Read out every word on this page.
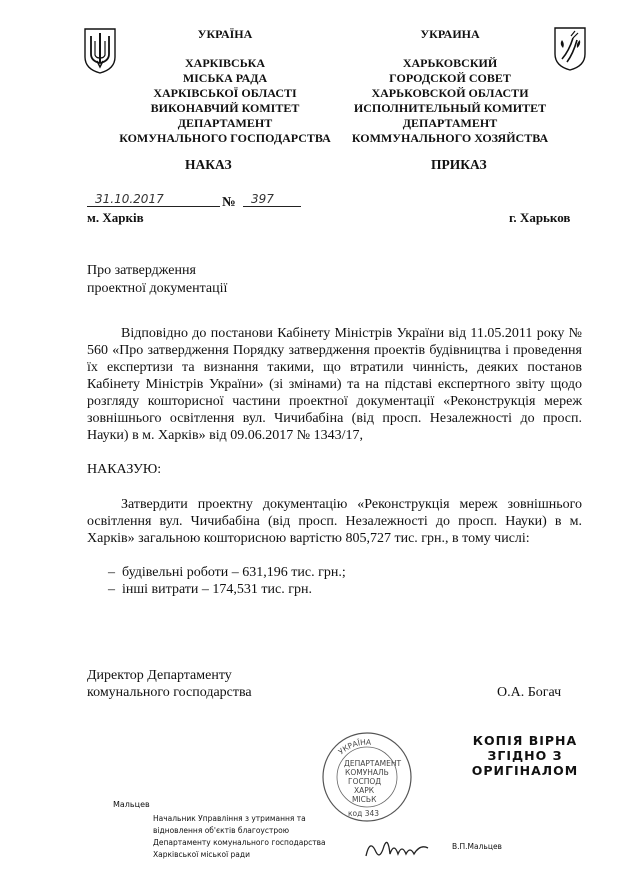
УКРАЇНА
ХАРКІВСЬКА
МІСЬКА РАДА
ХАРКІВСЬКОЇ ОБЛАСТІ
ВИКОНАВЧИЙ КОМІТЕТ
ДЕПАРТАМЕНТ
КОМУНАЛЬНОГО ГОСПОДАРСТВА
УКРАИНА
ХАРЬКОВСКИЙ
ГОРОДСКОЙ СОВЕТ
ХАРЬКОВСКОЙ ОБЛАСТИ
ИСПОЛНИТЕЛЬНЫЙ КОМИТЕТ
ДЕПАРТАМЕНТ
КОММУНАЛЬНОГО ХОЗЯЙСТВА
НАКАЗ	ПРИКАЗ
31.10.2017	№ 397
м. Харків	г. Харьков
Про затвердження
проектної документації
Відповідно до постанови Кабінету Міністрів України від 11.05.2011 року № 560 «Про затвердження Порядку затвердження проектів будівництва і проведення їх експертизи та визнання такими, що втратили чинність, деяких постанов Кабінету Міністрів України» (зі змінами) та на підставі експертного звіту щодо розгляду кошторисної частини проектної документації «Реконструкція мереж зовнішнього освітлення вул. Чичибабіна (від просп. Незалежності до просп. Науки) в м. Харків» від 09.06.2017 № 1343/17,
НАКАЗУЮ:
Затвердити проектну документацію «Реконструкція мереж зовнішнього освітлення вул. Чичибабіна (від просп. Незалежності до просп. Науки) в м. Харків» загальною кошторисною вартістю 805,727 тис. грн., в тому числі:
–  будівельні роботи – 631,196 тис. грн.;
–  інші витрати – 174,531 тис. грн.
Директор Департаменту
комунального господарства	О.А. Богач
УКРАЇНА
ДЕПАРТАМЕНТ
КОМУНАЛЬ
ГОСПОД
ХАРК
МІСЬК
код 343
КОПІЯ ВІРНА
ЗГІДНО З
ОРИГІНАЛОМ
Мальцев
Начальник Управління з утримання та
відновлення об'єктів благоустрою
Департаменту комунального господарства
Харківської міської ради
В.П.Мальцев
